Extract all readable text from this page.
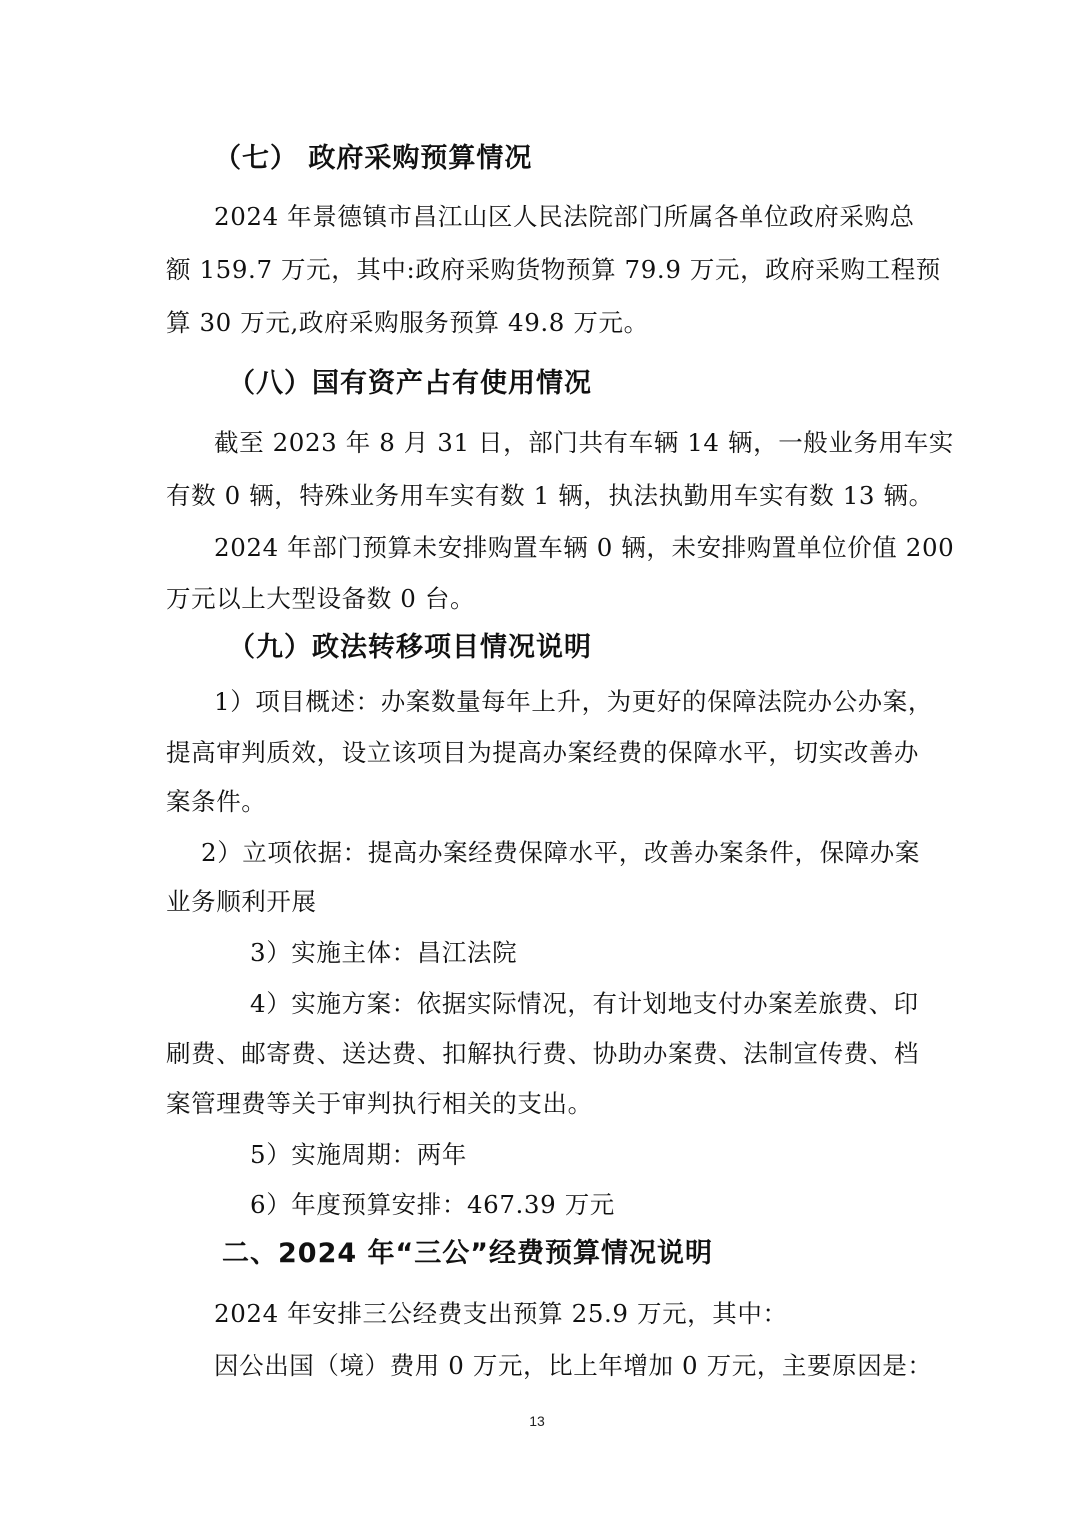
（七） 政府采购预算情况
2024 年景德镇市昌江山区人民法院部门所属各单位政府采购总
额 159.7 万元，其中:政府采购货物预算 79.9 万元，政府采购工程预
算 30 万元,政府采购服务预算 49.8 万元。
（八）国有资产占有使用情况
截至 2023 年 8 月 31 日，部门共有车辆 14 辆，一般业务用车实
有数 0 辆，特殊业务用车实有数 1 辆，执法执勤用车实有数 13 辆。
2024 年部门预算未安排购置车辆 0 辆，未安排购置单位价值 200
万元以上大型设备数 0 台。
（九）政法转移项目情况说明
1）项目概述：办案数量每年上升，为更好的保障法院办公办案，
提高审判质效，设立该项目为提高办案经费的保障水平，切实改善办
案条件。
2）立项依据：提高办案经费保障水平，改善办案条件，保障办案
业务顺利开展
3）实施主体：昌江法院
4）实施方案：依据实际情况，有计划地支付办案差旅费、印
刷费、邮寄费、送达费、扣解执行费、协助办案费、法制宣传费、档
案管理费等关于审判执行相关的支出。
5）实施周期：两年
6）年度预算安排：467.39 万元
二、2024 年“三公”经费预算情况说明
2024 年安排三公经费支出预算 25.9 万元，其中：
因公出国（境）费用 0 万元，比上年增加 0 万元，主要原因是：
13
